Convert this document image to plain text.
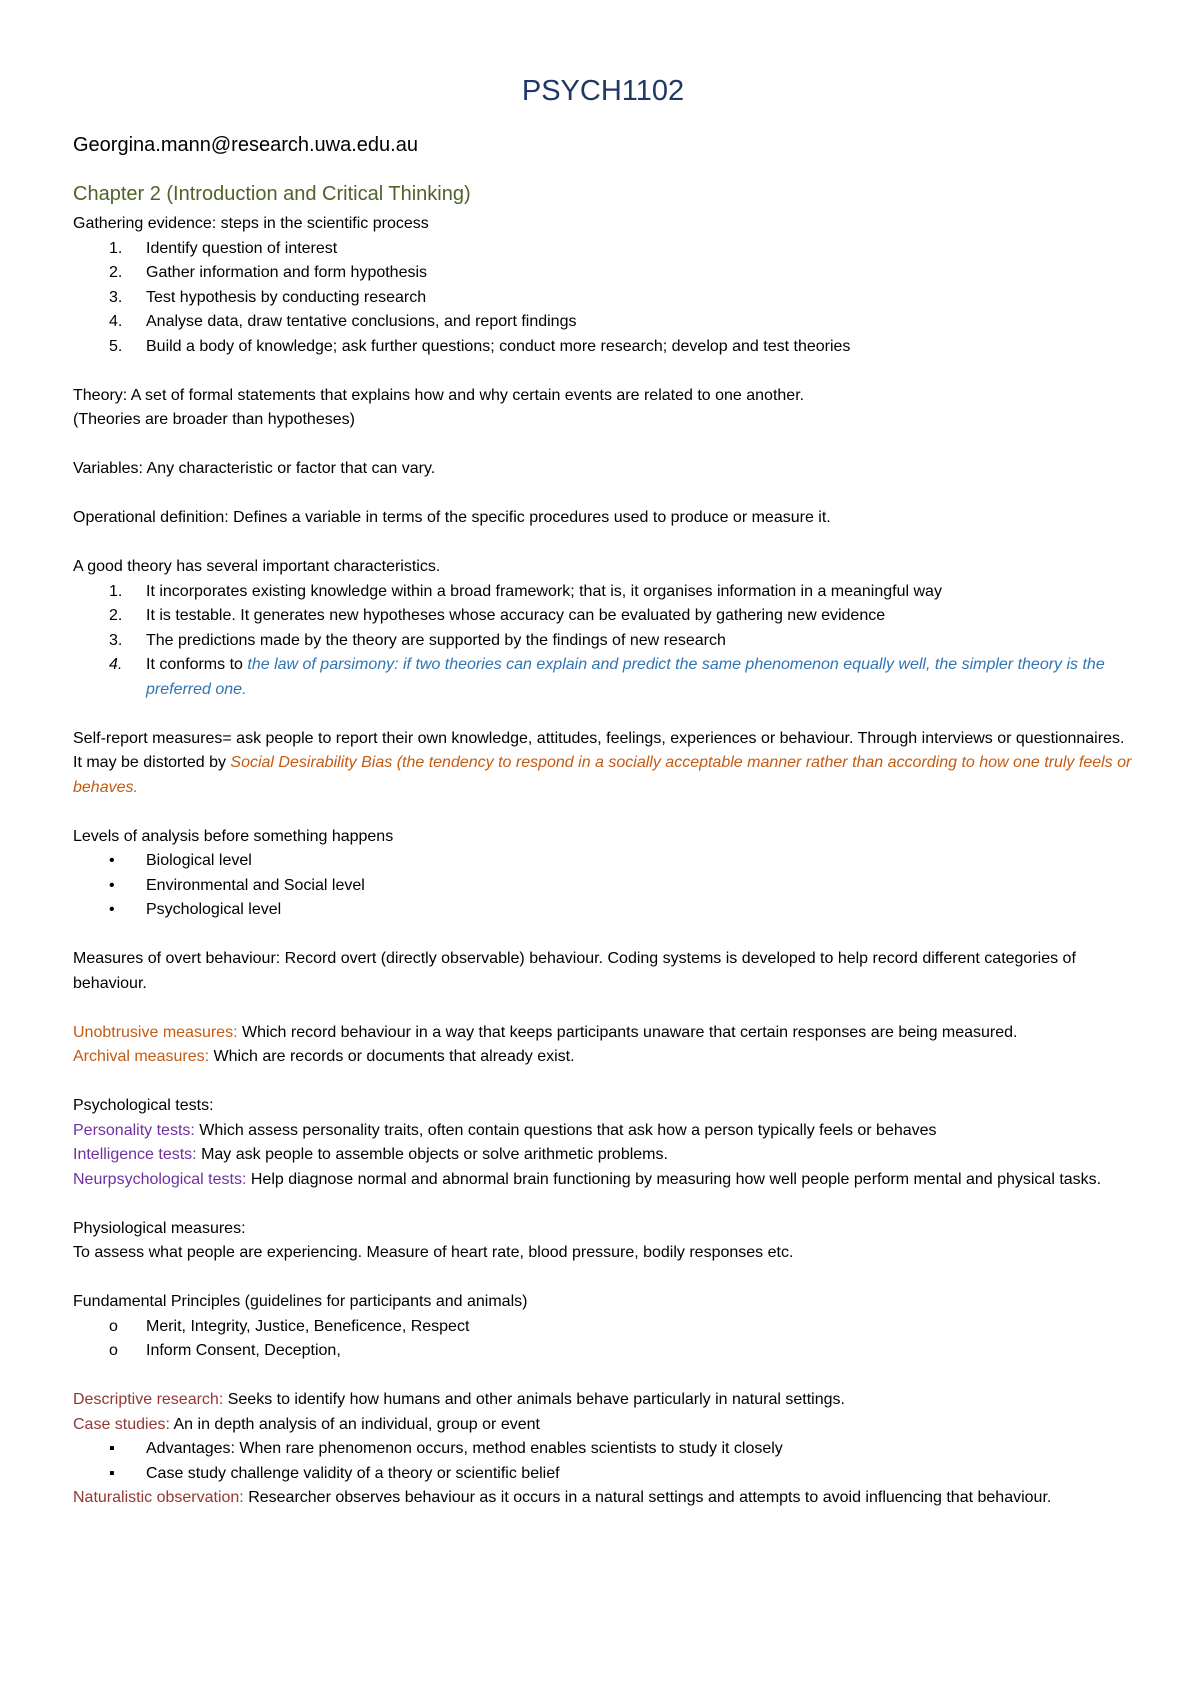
PSYCH1102

Georgina.mann@research.uwa.edu.au

Chapter 2 (Introduction and Critical Thinking)

Gathering evidence: steps in the scientific process

1.	Identify question of interest
2.	Gather information and form hypothesis
3.	Test hypothesis by conducting research
4.	Analyse data, draw tentative conclusions, and report findings
5.	Build a body of knowledge; ask further questions; conduct more research; develop and test theories

Theory: A set of formal statements that explains how and why certain events are related to one another.

(Theories are broader than hypotheses)

Variables: Any characteristic or factor that can vary.

Operational definition: Defines a variable in terms of the specific procedures used to produce or measure it.

A good theory has several important characteristics.

1.	It incorporates existing knowledge within a broad framework; that is, it organises information in a meaningful way
2.	It is testable. It generates new hypotheses whose accuracy can be evaluated by gathering new evidence
3.	The predictions made by the theory are supported by the findings of new research
4.	It conforms to the law of parsimony: if two theories can explain and predict the same phenomenon equally well, the simpler theory is the preferred one.

Self-report measures= ask people to report their own knowledge, attitudes, feelings, experiences or behaviour. Through interviews or questionnaires. It may be distorted by Social Desirability Bias (the tendency to respond in a socially acceptable manner rather than according to how one truly feels or behaves.

Levels of analysis before something happens

•	Biological level
•	Environmental and Social level
•	Psychological level

Measures of overt behaviour: Record overt (directly observable) behaviour. Coding systems is developed to help record different categories of behaviour.

Unobtrusive measures: Which record behaviour in a way that keeps participants unaware that certain responses are being measured.

Archival measures: Which are records or documents that already exist.

Psychological tests:

Personality tests: Which assess personality traits, often contain questions that ask how a person typically feels or behaves

Intelligence tests: May ask people to assemble objects or solve arithmetic problems.

Neurpsychological tests: Help diagnose normal and abnormal brain functioning by measuring how well people perform mental and physical tasks.

Physiological measures:

To assess what people are experiencing. Measure of heart rate, blood pressure, bodily responses etc.

Fundamental Principles (guidelines for participants and animals)

o	Merit, Integrity, Justice, Beneficence, Respect
o	Inform Consent, Deception,

Descriptive research: Seeks to identify how humans and other animals behave particularly in natural settings.

Case studies: An in depth analysis of an individual, group or event

▪	Advantages: When rare phenomenon occurs, method enables scientists to study it closely
▪	Case study challenge validity of a theory or scientific belief

Naturalistic observation: Researcher observes behaviour as it occurs in a natural settings and attempts to avoid influencing that behaviour.
